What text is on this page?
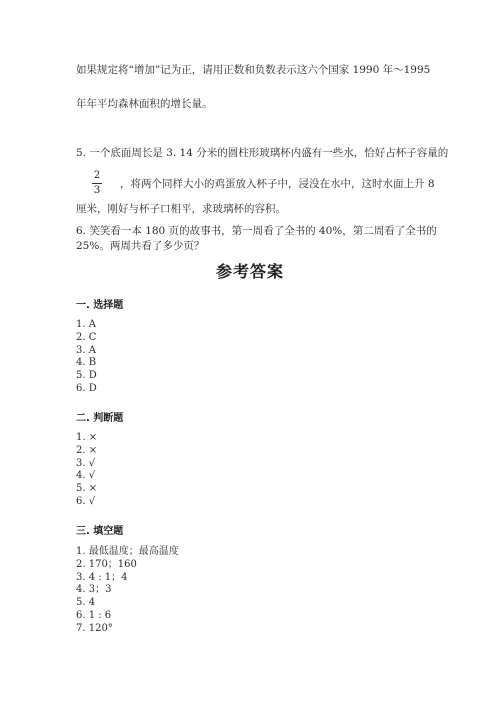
如果规定将“增加”记为正，请用正数和负数表示这六个国家 1990 年～1995
年年平均森林面积的增长量。
5. 一个底面周长是 3. 14 分米的圆柱形玻璃杯内盛有一些水，恰好占杯子容量的
2
3
，将两个同样大小的鸡蛋放入杯子中，浸没在水中，这时水面上升 8
厘米，刚好与杯子口相平，求玻璃杯的容积。
6. 笑笑看一本 180 页的故事书，第一周看了全书的 40%，第二周看了全书的
25%。两周共看了多少页？
参考答案
一. 选择题
1. A
2. C
3. A
4. B
5. D
6. D
二. 判断题
1. ×
2. ×
3. √
4. √
5. ×
6. √
三. 填空题
1. 最低温度；最高温度
2. 170；160
3. 4 : 1；4
4. 3；3
5. 4
6. 1 : 6
7. 120°
